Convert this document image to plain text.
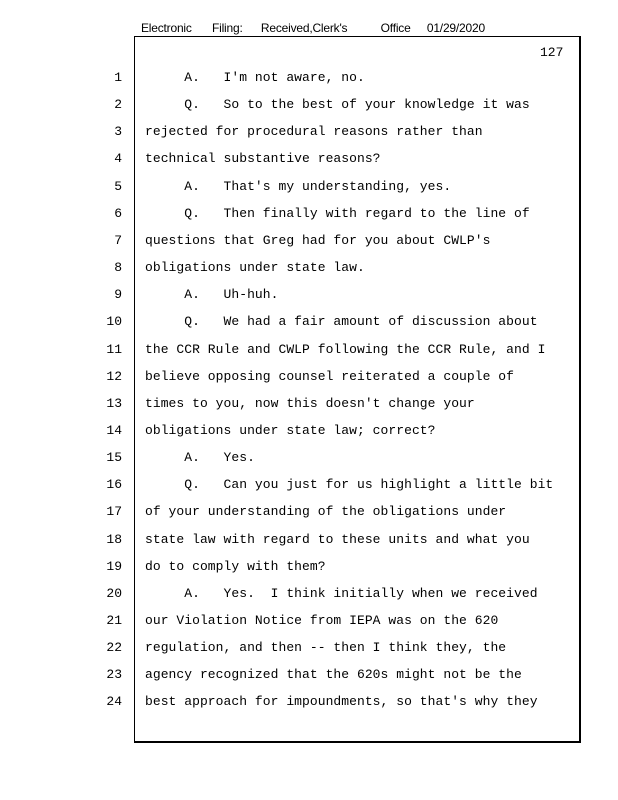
Electronic Filing: Received,Clerk's	Office 01/29/2020
127
1 A.   I'm not aware, no.
2 Q.   So to the best of your knowledge it was
3 rejected for procedural reasons rather than
4 technical substantive reasons?
5 A.   That's my understanding, yes.
6 Q.   Then finally with regard to the line of
7 questions that Greg had for you about CWLP's
8 obligations under state law.
9 A.   Uh-huh.
10 Q.   We had a fair amount of discussion about
11 the CCR Rule and CWLP following the CCR Rule, and I
12 believe opposing counsel reiterated a couple of
13 times to you, now this doesn't change your
14 obligations under state law; correct?
15 A.   Yes.
16 Q.   Can you just for us highlight a little bit
17 of your understanding of the obligations under
18 state law with regard to these units and what you
19 do to comply with them?
20 A.   Yes.  I think initially when we received
21 our Violation Notice from IEPA was on the 620
22 regulation, and then -- then I think they, the
23 agency recognized that the 620s might not be the
24 best approach for impoundments, so that's why they
